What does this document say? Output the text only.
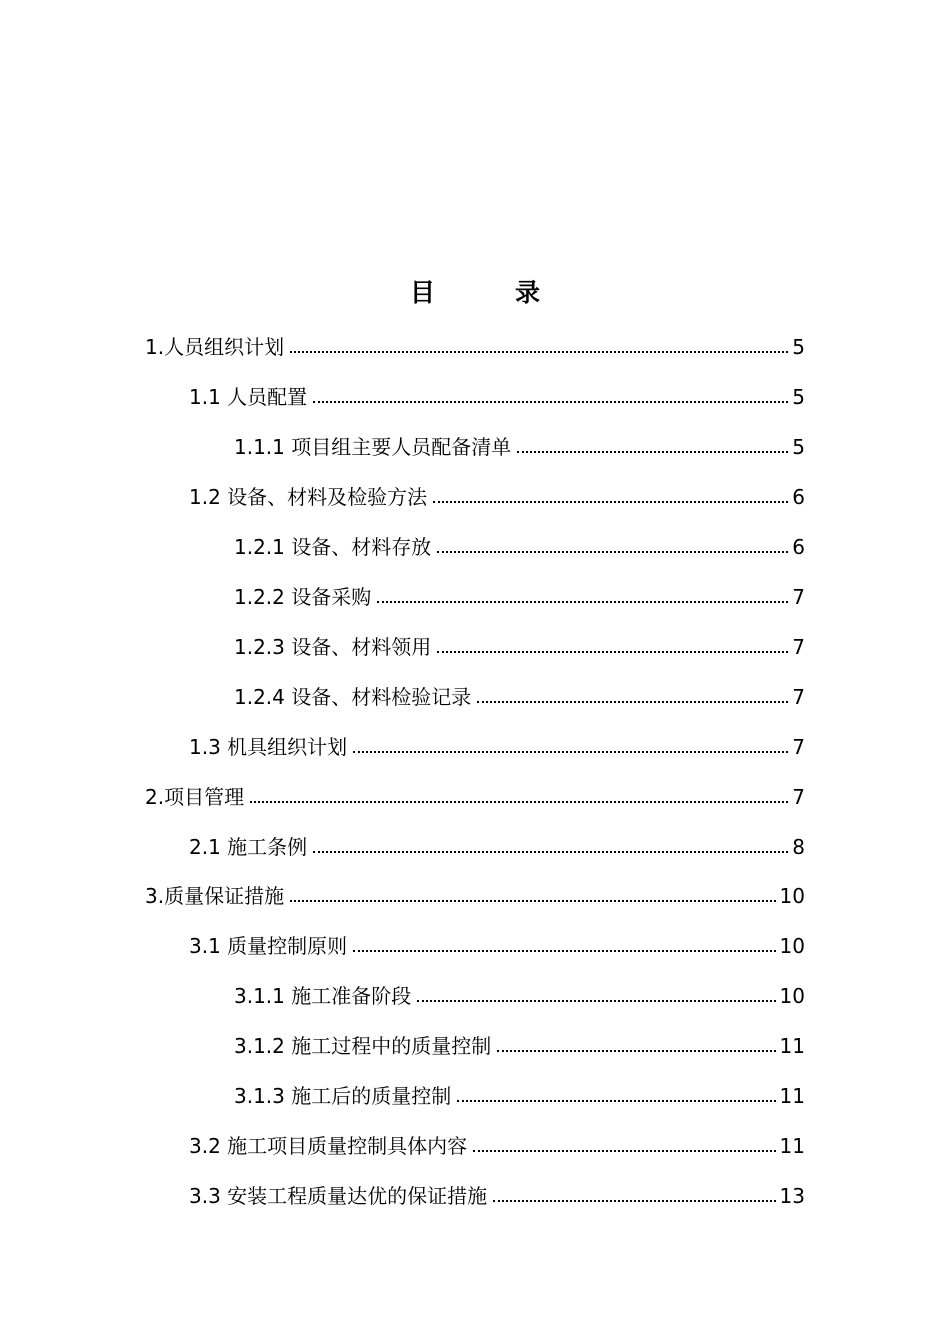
目	录
1.人员组织计划	5
1.1 人员配置	5
1.1.1 项目组主要人员配备清单	5
1.2 设备、材料及检验方法	6
1.2.1 设备、材料存放	6
1.2.2 设备采购	7
1.2.3 设备、材料领用	7
1.2.4 设备、材料检验记录	7
1.3 机具组织计划	7
2.项目管理	7
2.1 施工条例	8
3.质量保证措施	10
3.1 质量控制原则	10
3.1.1 施工准备阶段	10
3.1.2 施工过程中的质量控制	11
3.1.3 施工后的质量控制	11
3.2 施工项目质量控制具体内容	11
3.3 安装工程质量达优的保证措施	13
